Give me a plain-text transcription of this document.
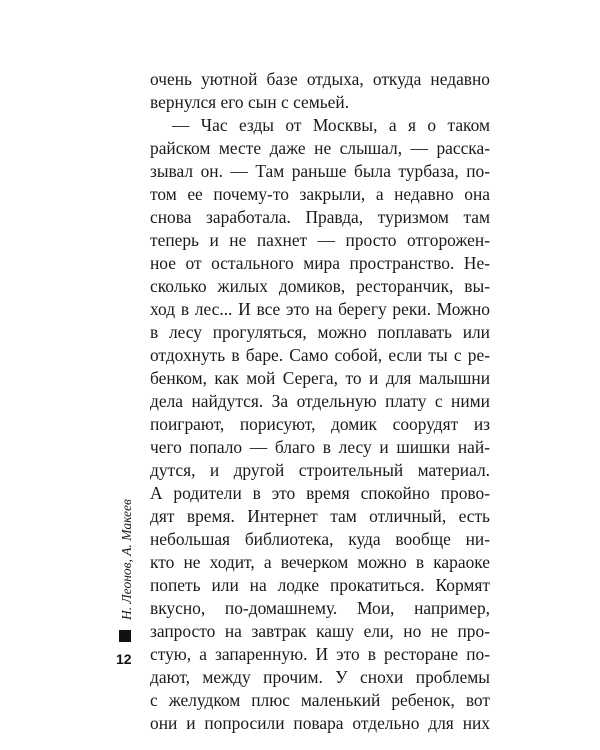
очень уютной базе отдыха, откуда недавно
вернулся его сын с семьей.
— Час езды от Москвы, а я о таком
райском месте даже не слышал, — расска-
зывал он. — Там раньше была турбаза, по-
том ее почему-то закрыли, а недавно она
снова заработала. Правда, туризмом там
теперь и не пахнет — просто отгорожен-
ное от остального мира пространство. Не-
сколько жилых домиков, ресторанчик, вы-
ход в лес... И все это на берегу реки. Можно
в лесу прогуляться, можно поплавать или
отдохнуть в баре. Само собой, если ты с ре-
бенком, как мой Серега, то и для малышни
дела найдутся. За отдельную плату с ними
поиграют, порисуют, домик соорудят из
чего попало — благо в лесу и шишки най-
дутся, и другой строительный материал.
А родители в это время спокойно прово-
дят время. Интернет там отличный, есть
небольшая библиотека, куда вообще ни-
кто не ходит, а вечерком можно в караоке
попеть или на лодке прокатиться. Кормят
вкусно, по-домашнему. Мои, например,
запросто на завтрак кашу ели, но не про-
стую, а запаренную. И это в ресторане по-
дают, между прочим. У снохи проблемы
с желудком плюс маленький ребенок, вот
они и попросили повара отдельно для них
Н. Леонов, А. Макеев
12
